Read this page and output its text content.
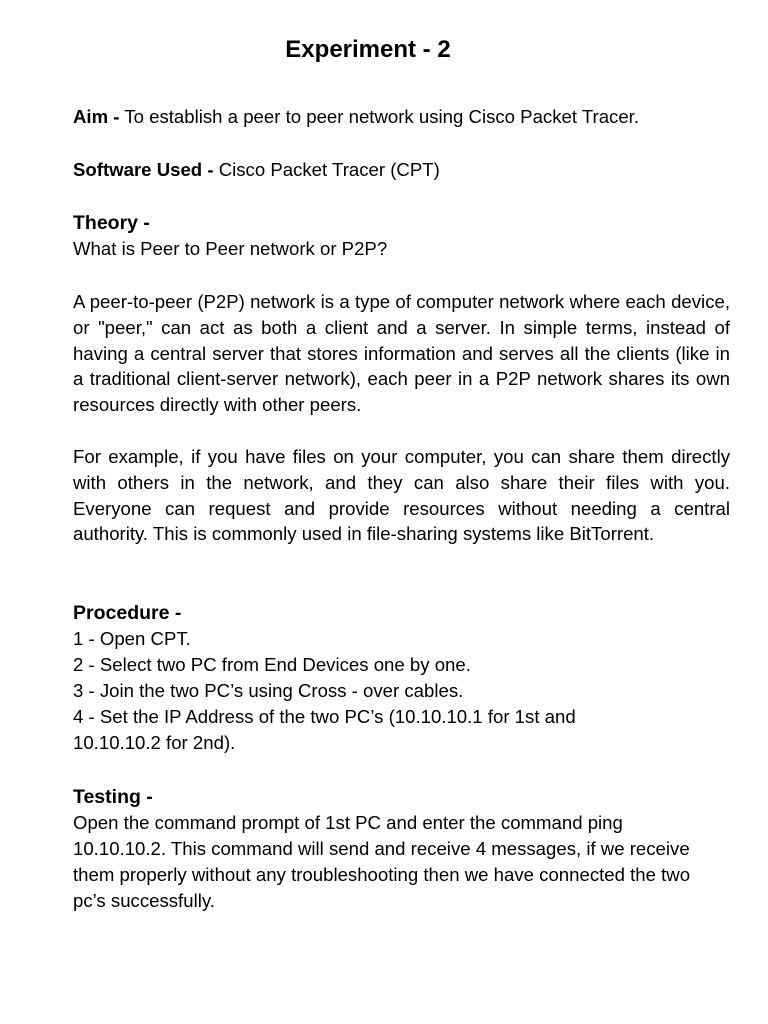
Experiment - 2
Aim - To establish a peer to peer network using Cisco Packet Tracer.
Software Used - Cisco Packet Tracer (CPT)
Theory -
What is Peer to Peer network or P2P?
A peer-to-peer (P2P) network is a type of computer network where each device, or "peer," can act as both a client and a server. In simple terms, instead of having a central server that stores information and serves all the clients (like in a traditional client-server network), each peer in a P2P network shares its own resources directly with other peers.
For example, if you have files on your computer, you can share them directly with others in the network, and they can also share their files with you. Everyone can request and provide resources without needing a central authority. This is commonly used in file-sharing systems like BitTorrent.
Procedure -
1 - Open CPT.
2 - Select two PC from End Devices one by one.
3 - Join the two PC’s using Cross - over cables.
4 - Set the IP Address of the two PC’s (10.10.10.1 for 1st and 10.10.10.2 for 2nd).
Testing -
Open the command prompt of 1st PC and enter the command ping 10.10.10.2. This command will send and receive 4 messages, if we receive them properly without any troubleshooting then we have connected the two pc’s successfully.
